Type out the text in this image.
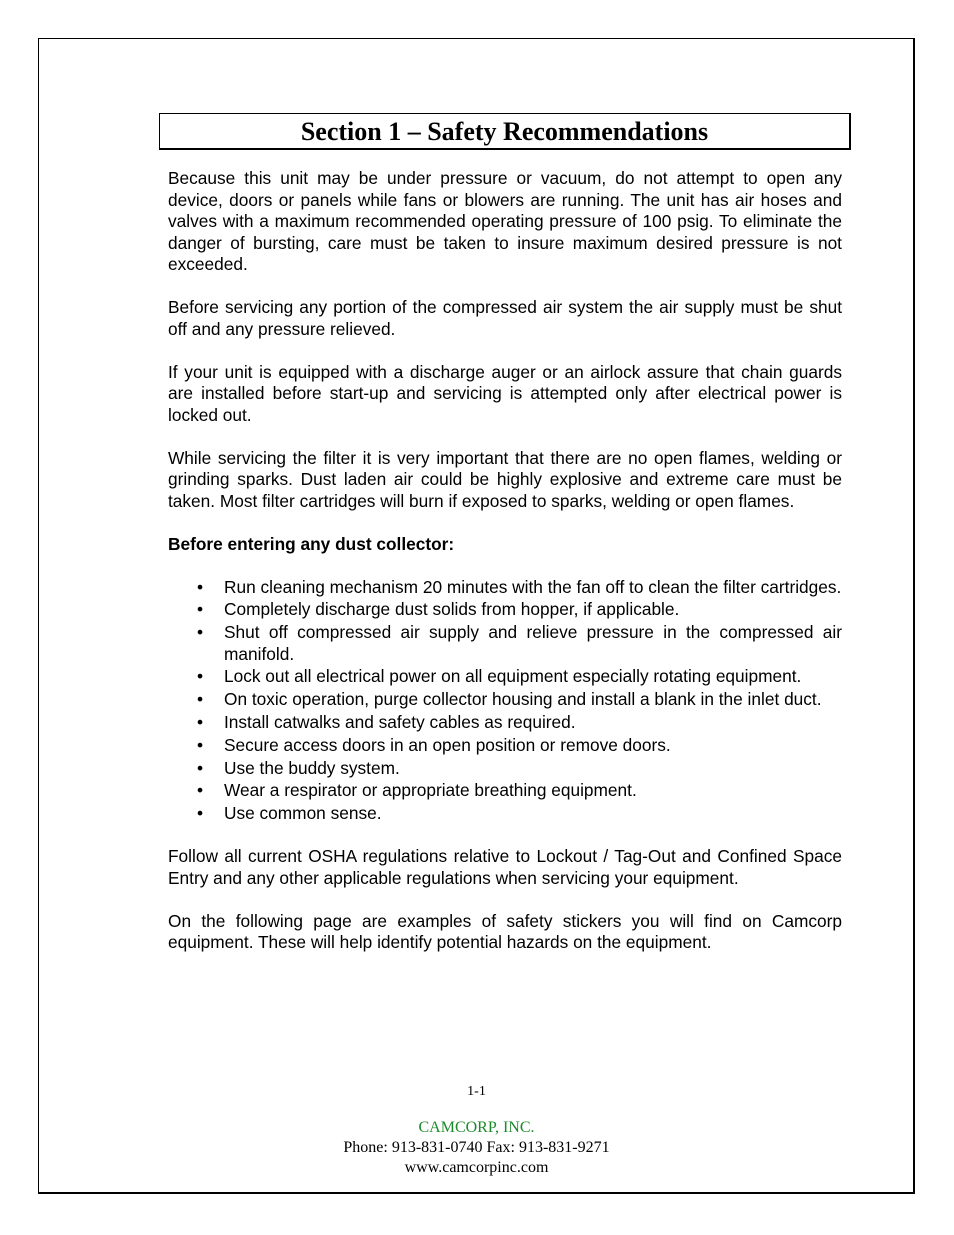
Section 1 – Safety Recommendations

Because this unit may be under pressure or vacuum, do not attempt to open any device, doors or panels while fans or blowers are running. The unit has air hoses and valves with a maximum recommended operating pressure of 100 psig. To eliminate the danger of bursting, care must be taken to insure maximum desired pressure is not exceeded.

Before servicing any portion of the compressed air system the air supply must be shut off and any pressure relieved.

If your unit is equipped with a discharge auger or an airlock assure that chain guards are installed before start-up and servicing is attempted only after electrical power is locked out.

While servicing the filter it is very important that there are no open flames, welding or grinding sparks. Dust laden air could be highly explosive and extreme care must be taken. Most filter cartridges will burn if exposed to sparks, welding or open flames.

Before entering any dust collector:

• Run cleaning mechanism 20 minutes with the fan off to clean the filter cartridges.
• Completely discharge dust solids from hopper, if applicable.
• Shut off compressed air supply and relieve pressure in the compressed air manifold.
• Lock out all electrical power on all equipment especially rotating equipment.
• On toxic operation, purge collector housing and install a blank in the inlet duct.
• Install catwalks and safety cables as required.
• Secure access doors in an open position or remove doors.
• Use the buddy system.
• Wear a respirator or appropriate breathing equipment.
• Use common sense.

Follow all current OSHA regulations relative to Lockout / Tag-Out and Confined Space Entry and any other applicable regulations when servicing your equipment.

On the following page are examples of safety stickers you will find on Camcorp equipment. These will help identify potential hazards on the equipment.

1-1
CAMCORP, INC.
Phone: 913-831-0740 Fax: 913-831-9271
www.camcorpinc.com
